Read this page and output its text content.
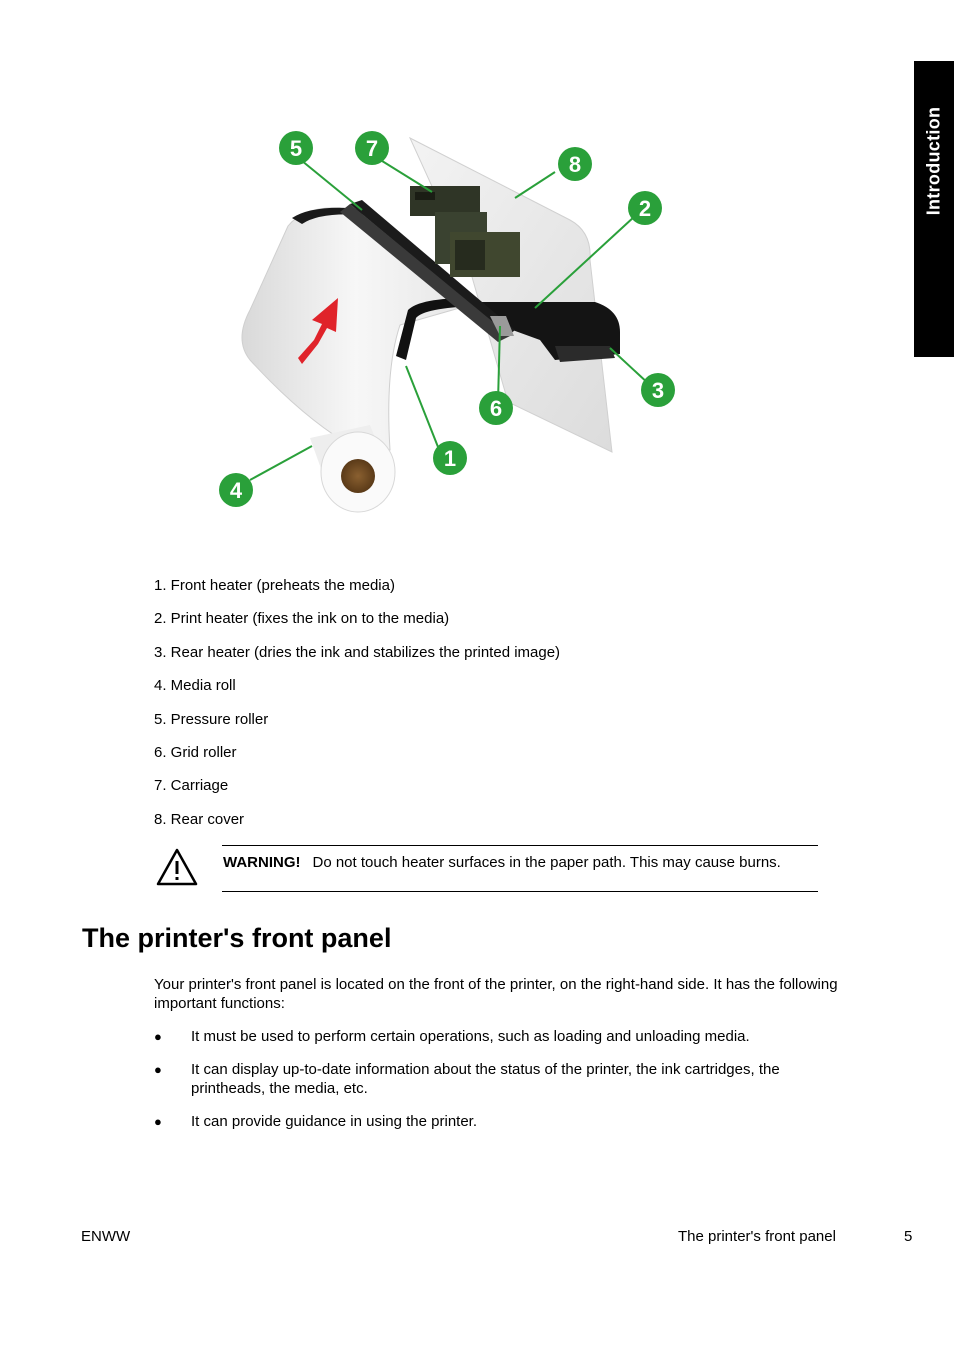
Introduction
5	7
8
2
3
6
1
4
1. Front heater (preheats the media)
2. Print heater (fixes the ink on to the media)
3. Rear heater (dries the ink and stabilizes the printed image)
4. Media roll
5. Pressure roller
6. Grid roller
7. Carriage
8. Rear cover
WARNING! Do not touch heater surfaces in the paper path. This may cause burns.
The printer's front panel

Your printer's front panel is located on the front of the printer, on the right-hand side. It has the following important functions:

● It must be used to perform certain operations, such as loading and unloading media.
● It can display up-to-date information about the status of the printer, the ink cartridges, the printheads, the media, etc.
● It can provide guidance in using the printer.
ENWW	The printer's front panel	5
